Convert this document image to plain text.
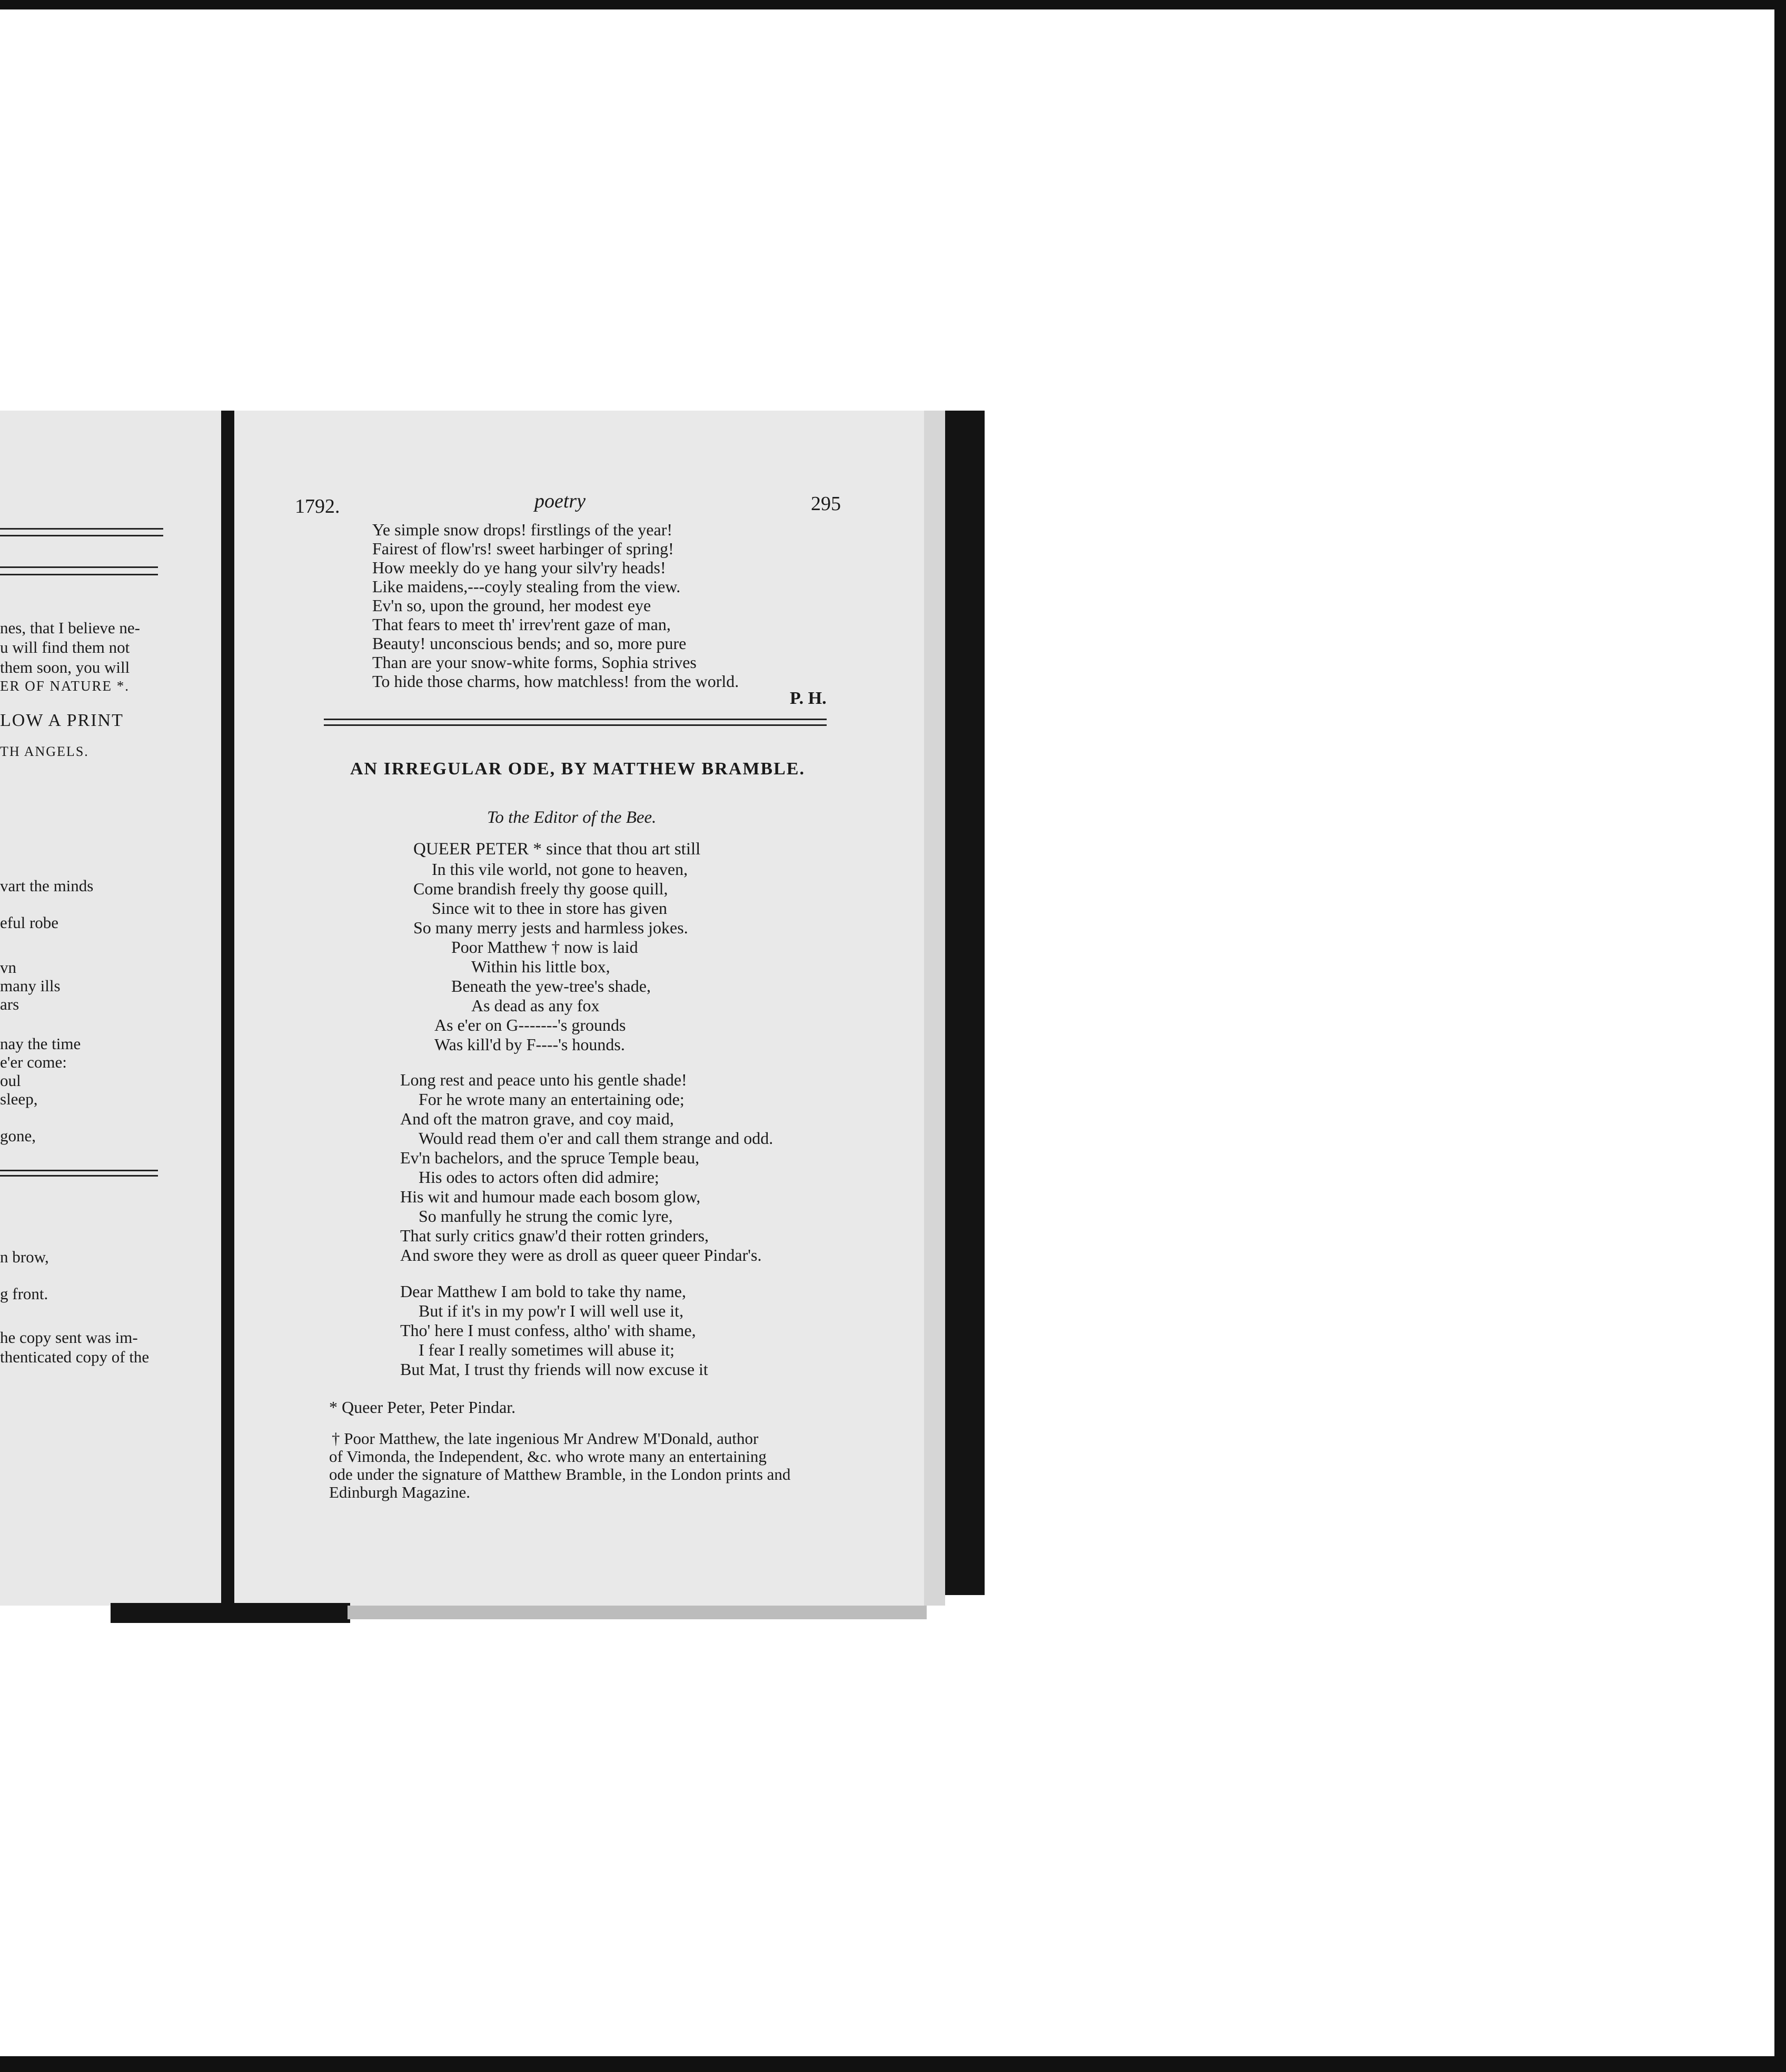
nes, that I believe ne-
u will find them not
them soon, you will
ER OF NATURE *.
LOW A PRINT
TH ANGELS.
vart the minds
eful robe
vn
many ills
ars
nay the time
e'er come:
oul
sleep,
gone,
n brow,
g front.
he copy sent was im-
thenticated copy of the
1792.	poetry	295
Ye simple snow drops! firstlings of the year!
Fairest of flow'rs! sweet harbinger of spring!
How meekly do ye hang your silv'ry heads!
Like maidens,---coyly stealing from the view.
Ev'n so, upon the ground, her modest eye
That fears to meet th' irrev'rent gaze of man,
Beauty! unconscious bends; and so, more pure
Than are your snow-white forms, Sophia strives
To hide those charms, how matchless! from the world.
P. H.
AN IRREGULAR ODE, BY MATTHEW BRAMBLE.
To the Editor of the Bee.
QUEER PETER * since that thou art still
In this vile world, not gone to heaven,
Come brandish freely thy goose quill,
Since wit to thee in store has given
So many merry jests and harmless jokes.
Poor Matthew † now is laid
Within his little box,
Beneath the yew-tree's shade,
As dead as any fox
As e'er on G-------'s grounds
Was kill'd by F----'s hounds.
Long rest and peace unto his gentle shade!
For he wrote many an entertaining ode;
And oft the matron grave, and coy maid,
Would read them o'er and call them strange and odd.
Ev'n bachelors, and the spruce Temple beau,
His odes to actors often did admire;
His wit and humour made each bosom glow,
So manfully he strung the comic lyre,
That surly critics gnaw'd their rotten grinders,
And swore they were as droll as queer queer Pindar's.
Dear Matthew I am bold to take thy name,
But if it's in my pow'r I will well use it,
Tho' here I must confess, altho' with shame,
I fear I really sometimes will abuse it;
But Mat, I trust thy friends will now excuse it
* Queer Peter, Peter Pindar.
† Poor Matthew, the late ingenious Mr Andrew M'Donald, author
of Vimonda, the Independent, &c. who wrote many an entertaining
ode under the signature of Matthew Bramble, in the London prints and
Edinburgh Magazine.
